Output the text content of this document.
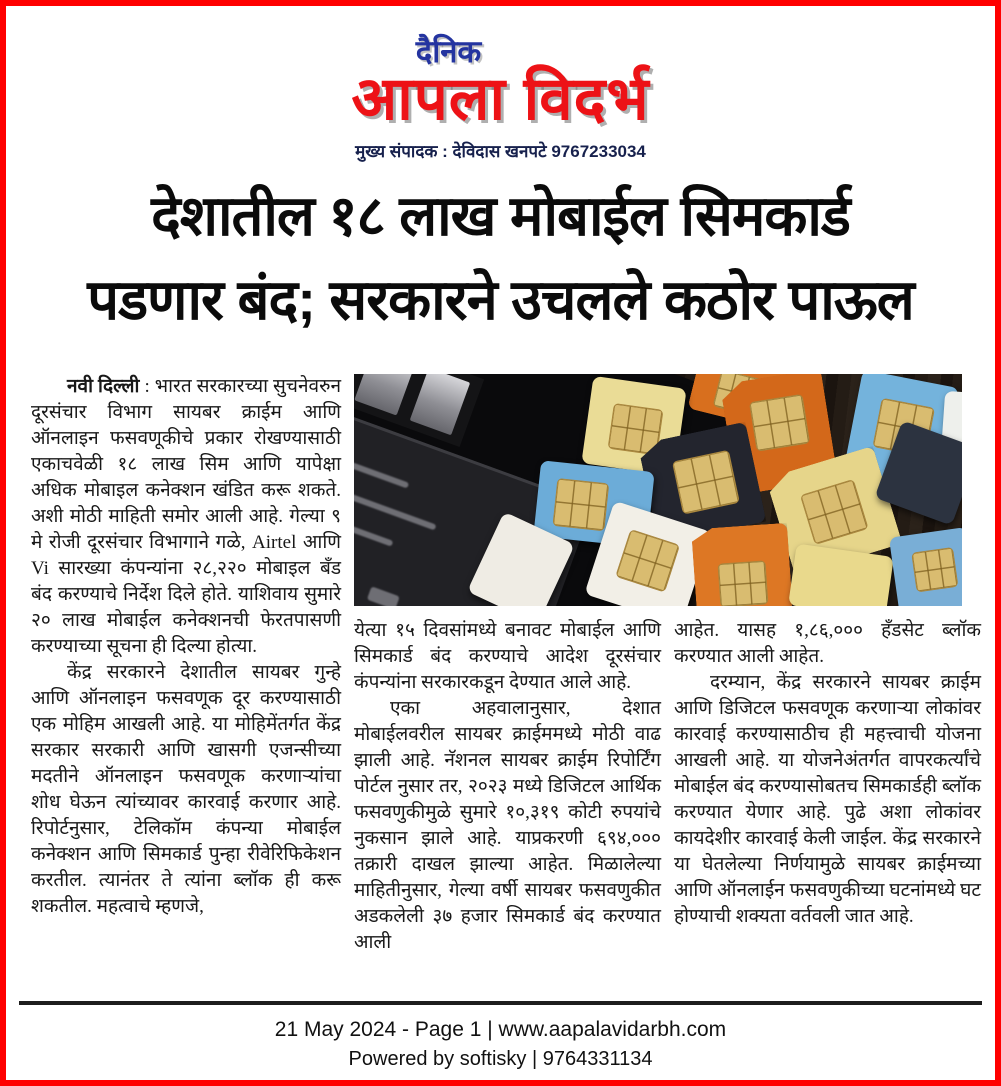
दैनिक
आपला विदर्भ
मुख्य संपादक : देविदास खनपटे 9767233034
देशातील १८ लाख मोबाईल सिमकार्ड
पडणार बंद; सरकारने उचलले कठोर पाऊल

नवी दिल्ली : भारत सरकारच्या सुचनेवरुन दूरसंचार विभाग सायबर क्राईम आणि ऑनलाइन फसवणूकीचे प्रकार रोखण्यासाठी एकाचवेळी १८ लाख सिम आणि यापेक्षा अधिक मोबाइल कनेक्शन खंडित करू शकते. अशी मोठी माहिती समोर आली आहे. गेल्या ९ मे रोजी दूरसंचार विभागाने गळे, Airtel आणि Vi सारख्या कंपन्यांना २८,२२० मोबाइल बँड बंद करण्याचे निर्देश दिले होते. याशिवाय सुमारे २० लाख मोबाईल कनेक्शनची फेरतपासणी करण्याच्या सूचना ही दिल्या होत्या.

केंद्र सरकारने देशातील सायबर गुन्हे आणि ऑनलाइन फसवणूक दूर करण्यासाठी एक मोहिम आखली आहे. या मोहिमेंतर्गत केंद्र सरकार सरकारी आणि खासगी एजन्सीच्या मदतीने ऑनलाइन फसवणूक करणाऱ्यांचा शोध घेऊन त्यांच्यावर कारवाई करणार आहे. रिपोर्टनुसार, टेलिकॉम कंपन्या मोबाईल कनेक्शन आणि सिमकार्ड पुन्हा रीवेरिफिकेशन करतील. त्यानंतर ते त्यांना ब्लॉक ही करू शकतील. महत्वाचे म्हणजे,

येत्या १५ दिवसांमध्ये बनावट मोबाईल आणि सिमकार्ड बंद करण्याचे आदेश दूरसंचार कंपन्यांना सरकारकडून देण्यात आले आहे.

एका अहवालानुसार, देशात मोबाईलवरील सायबर क्राईममध्ये मोठी वाढ झाली आहे. नॅशनल सायबर क्राईम रिपोर्टिंग पोर्टल नुसार तर, २०२३ मध्ये डिजिटल आर्थिक फसवणुकीमुळे सुमारे १०,३१९ कोटी रुपयांचे नुकसान झाले आहे. याप्रकरणी ६९४,००० तक्रारी दाखल झाल्या आहेत. मिळालेल्या माहितीनुसार, गेल्या वर्षी सायबर फसवणुकीत अडकलेली ३७ हजार सिमकार्ड बंद करण्यात आली

आहेत. यासह १,८६,००० हँडसेट ब्लॉक करण्यात आली आहेत.

दरम्यान, केंद्र सरकारने सायबर क्राईम आणि डिजिटल फसवणूक करणाऱ्या लोकांवर कारवाई करण्यासाठीच ही महत्त्वाची योजना आखली आहे. या योजनेअंतर्गत वापरकर्त्यांचे मोबाईल बंद करण्यासोबतच सिमकार्डही ब्लॉक करण्यात येणार आहे. पुढे अशा लोकांवर कायदेशीर कारवाई केली जाईल. केंद्र सरकारने या घेतलेल्या निर्णयामुळे सायबर क्राईमच्या आणि ऑनलाईन फसवणुकीच्या घटनांमध्ये घट होण्याची शक्यता वर्तवली जात आहे.

21 May 2024 - Page 1 | www.aapalavidarbh.com
Powered by softisky | 9764331134
